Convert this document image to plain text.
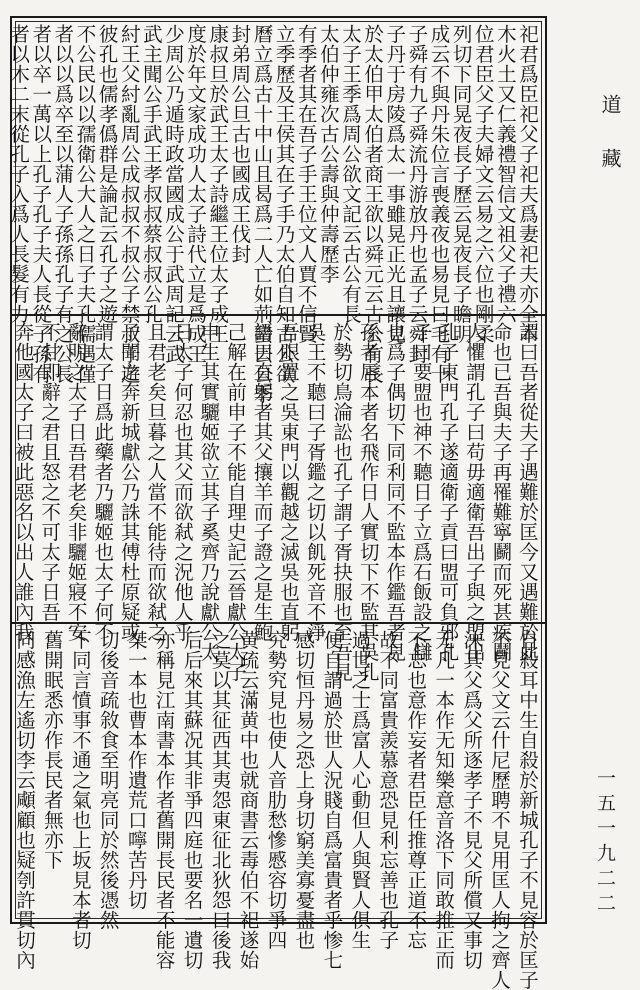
祀君爲臣祀父子祀夫爲妻祀夫亦全本
木火土又仁義禮智信文祖父子禮六
位君臣父子夫婦文云易之六位也剛柔
列切下同晃夜長子歷云晃夜長子瞻明
成云不與丹朱位言喪義夜也易見曰毛有十
子舜有九子舜流丹游放丹也孟子云舜封
子丹于房陵爲太一事雖晃正光且讓見
於太伯甲太伯者商王欲以舜元云古公有長
太子王季爲周公欲文記云古公有長
太伯仲雍次古公壽與仲壽歷李
有季者其在吾子手王位文人賈不信賢
立季歷及王侯其在子手乃太伯自知古公欲
曆立爲古十中山且曷爲二人亡如荊蠻去公季
封弟周公旦古也國成王伐封
康叔旦於武王太子詩繼王位太子成王
度於年文家成功人太子詩代立是爲成王
少周公乃遁時政當國成公于武周記云武
武主聞公手武王孝叔叔蔡叔叔公孔
紂王父紂亂周公成叔叔不叔公子禁叔于遊
彼孔也儒孝僞群是論記云孔子之遊
不公民以以孺衛公大人之日子夫孔儒遇僅
者以以爲卒至以蒲人子孫孫孔子有之公長
者以卒一萬以上孔子孔子夫人長從子孫有
者以木二末從孔子入爲人長髮有力
謂曰吾者從夫子遇難於匡今又遇難於此
命也已吾與夫子再罹難寧鬬而死甚疾鬭
人懼謂孔子曰苟毋適衛吾出子與之盟出
孔子東門孔子遂適衛子貢曰盟可負邪孔
子曰要盟也神不聽日子立爲石飯設之讎
也爲子偶切下同利同不監本作鑑吾者見
孫者唇本者名飛作日人實切下不監其吳孔
於勢切鳥淪訟也孔子謂子胥抉服也至吾見
吳王不聽曰子胥鑑之切以飢死音不淨
吾眼置之吳東門以觀越之滅吳也直躬
語曰直躬者其父攘羊而子證之是生鮑
己解在前申子不能自理史記云晉獻公太子
申生其實驪姬欲立其子奚齊乃說獻公太
日太子何忍也其父而欲弒之況他人乎
且君老矣旦暮之人當不能待而欲弒之
子聞之奔新城獻公乃誅其傅杜原疑或
謂太子日爲此藥者乃驪姬也太子何不
辭明之太子日吾君老矣非驪姬寢不安
不甘即辭之君且怒之不可太子日吾
奔他國太子曰被此惡名以出人誰內我
自殺耳中生自殺於新城孔子不見容於匡子
不見父文云什尼歷聘不見用匡人拘之齊人
沫其父爲父所逐孝子不見父所償又事切
无凡一本作无知樂意音洛下同敢推正而
不忘也意作妄者君臣任推尊正道不忘
故不同富貴羨慕意恐見利忘善也孔子
過世之士爲富人心動但人與賢人俱生
便自謂過於世人況賤自爲富貴者乎惨七
感切恒丹易之恐上身切窮美寡憂盡也
究勢究見也使人音肋愁慘慼容切爭四
黄疏云滿黄中也就商書云毒伯不祀遂始
之莫以其征西其夷怨東征北狄怨曰後我
后后來其蘇况其非爭四庭也要名一遺切
亦稱見江南書本作者舊開長民者不能容
桀一本也曹本作遺荒口嚀苦丹切
切後音疏敘食至明亮同於然後憑然
下同言憤事不通之氣也上坂見本者切
舊開眠悉亦作長民者無亦下
同感漁左遙切李云顑顧也疑刳許貫切內
道藏
一五一九二二
